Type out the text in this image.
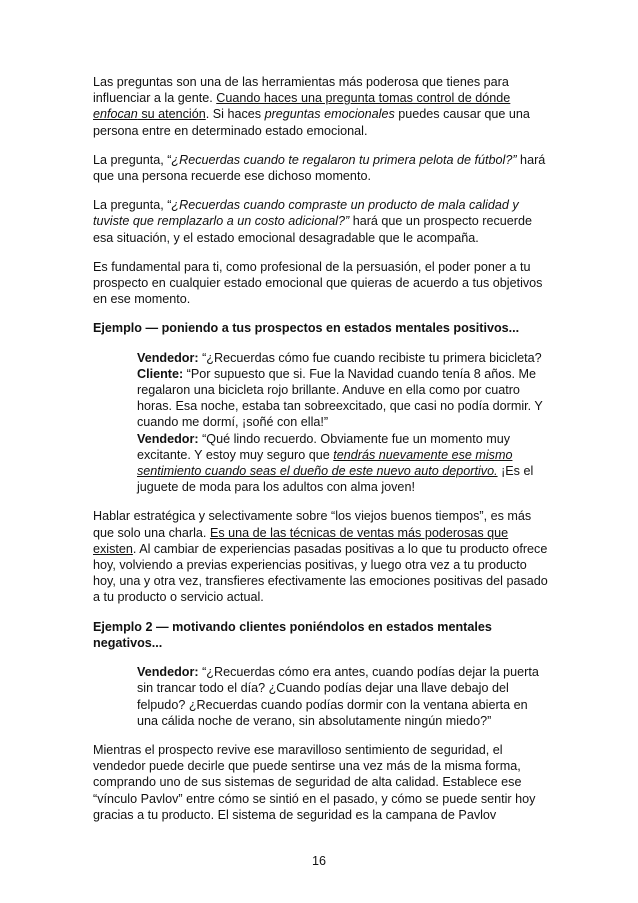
Las preguntas son una de las herramientas más poderosa que tienes para influenciar a la gente. Cuando haces una pregunta tomas control de dónde enfocan su atención. Si haces preguntas emocionales puedes causar que una persona entre en determinado estado emocional.

La pregunta, “¿Recuerdas cuando te regalaron tu primera pelota de fútbol?” hará que una persona recuerde ese dichoso momento.

La pregunta, “¿Recuerdas cuando compraste un producto de mala calidad y tuviste que remplazarlo a un costo adicional?” hará que un prospecto recuerde esa situación, y el estado emocional desagradable que le acompaña.

Es fundamental para ti, como profesional de la persuasión, el poder poner a tu prospecto en cualquier estado emocional que quieras de acuerdo a tus objetivos en ese momento.

Ejemplo — poniendo a tus prospectos en estados mentales positivos...
Vendedor: “¿Recuerdas cómo fue cuando recibiste tu primera bicicleta?
Cliente: “Por supuesto que si. Fue la Navidad cuando tenía 8 años. Me regalaron una bicicleta rojo brillante. Anduve en ella como por cuatro horas. Esa noche, estaba tan sobreexcitado, que casi no podía dormir. Y cuando me dormí, ¡soñé con ella!”
Vendedor: “Qué lindo recuerdo. Obviamente fue un momento muy excitante. Y estoy muy seguro que tendrás nuevamente ese mismo sentimiento cuando seas el dueño de este nuevo auto deportivo. ¡Es el juguete de moda para los adultos con alma joven!

Hablar estratégica y selectivamente sobre “los viejos buenos tiempos”, es más que solo una charla. Es una de las técnicas de ventas más poderosas que existen. Al cambiar de experiencias pasadas positivas a lo que tu producto ofrece hoy, volviendo a previas experiencias positivas, y luego otra vez a tu producto hoy, una y otra vez, transfieres efectivamente las emociones positivas del pasado a tu producto o servicio actual.

Ejemplo 2 — motivando clientes poniéndolos en estados mentales negativos...
Vendedor: “¿Recuerdas cómo era antes, cuando podías dejar la puerta sin trancar todo el día? ¿Cuando podías dejar una llave debajo del felpudo? ¿Recuerdas cuando podías dormir con la ventana abierta en una cálida noche de verano, sin absolutamente ningún miedo?”

Mientras el prospecto revive ese maravilloso sentimiento de seguridad, el vendedor puede decirle que puede sentirse una vez más de la misma forma, comprando uno de sus sistemas de seguridad de alta calidad. Establece ese “vínculo Pavlov” entre cómo se sintió en el pasado, y cómo se puede sentir hoy gracias a tu producto. El sistema de seguridad es la campana de Pavlov

16
